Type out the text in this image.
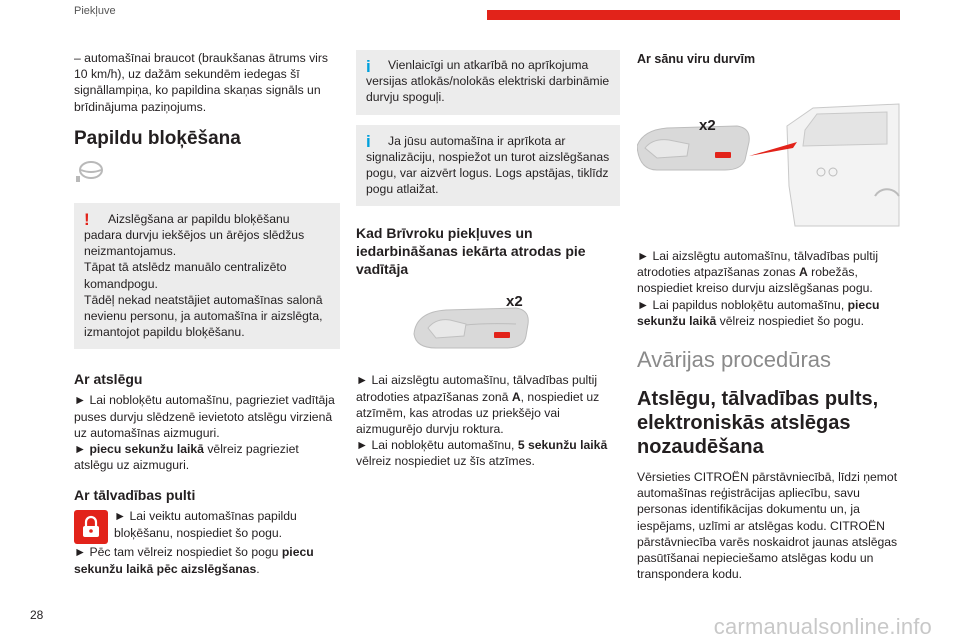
Piekļuve

– automašīnai braucot (braukšanas ātrums virs 10 km/h), uz dažām sekundēm iedegas šī signāllampiņa, ko papildina skaņas signāls un brīdinājuma paziņojums.

Papildu bloķēšana
!	Aizslēgšana ar papildu bloķēšanu padara durvju iekšējos un ārējos slēdžus neizmantojamus.

Tāpat tā atslēdz manuālo centralizēto komandpogu.

Tādēļ nekad neatstājiet automašīnas salonā nevienu personu, ja automašīna ir aizslēgta, izmantojot papildu bloķēšanu.

Ar atslēgu

► Lai nobloķētu automašīnu, pagrieziet vadītāja puses durvju slēdzenē ievietoto atslēgu virzienā uz automašīnas aizmuguri.

► piecu sekunžu laikā vēlreiz pagrieziet atslēgu uz aizmuguri.

Ar tālvadības pulti

► Lai veiktu automašīnas papildu bloķēšanu, nospiediet šo pogu.

► Pēc tam vēlreiz nospiediet šo pogu piecu sekunžu laikā pēc aizslēgšanas.

i	Vienlaicīgi un atkarībā no aprīkojuma versijas atlokās/nolokās elektriski darbināmie durvju spoguļi.

i	Ja jūsu automašīna ir aprīkota ar signalizāciju, nospiežot un turot aizslēgšanas pogu, var aizvērt logus. Logs apstājas, tiklīdz pogu atlaižat.

Kad Brīvroku piekļuves un iedarbināšanas iekārta atrodas pie vadītāja
x2

► Lai aizslēgtu automašīnu, tālvadības pultij atrodoties atpazīšanas zonā A, nospiediet uz atzīmēm, kas atrodas uz priekšējo vai aizmugurējo durvju roktura.

► Lai nobloķētu automašīnu, 5 sekunžu laikā vēlreiz nospiediet uz šīs atzīmes.

Ar sānu viru durvīm
x2

► Lai aizslēgtu automašīnu, tālvadības pultij atrodoties atpazīšanas zonas A robežās, nospiediet kreiso durvju aizslēgšanas pogu.

► Lai papildus nobloķētu automašīnu, piecu sekunžu laikā vēlreiz nospiediet šo pogu.

Avārijas procedūras
Atslēgu, tālvadības pults, elektroniskās atslēgas nozaudēšana

Vērsieties CITROËN pārstāvniecībā, līdzi ņemot automašīnas reģistrācijas apliecību, savu personas identifikācijas dokumentu un, ja iespējams, uzlīmi ar atslēgas kodu. CITROËN pārstāvniecība varēs noskaidrot jaunas atslēgas pasūtīšanai nepieciešamo atslēgas kodu un transpondera kodu.

28	carmanualsonline.info
